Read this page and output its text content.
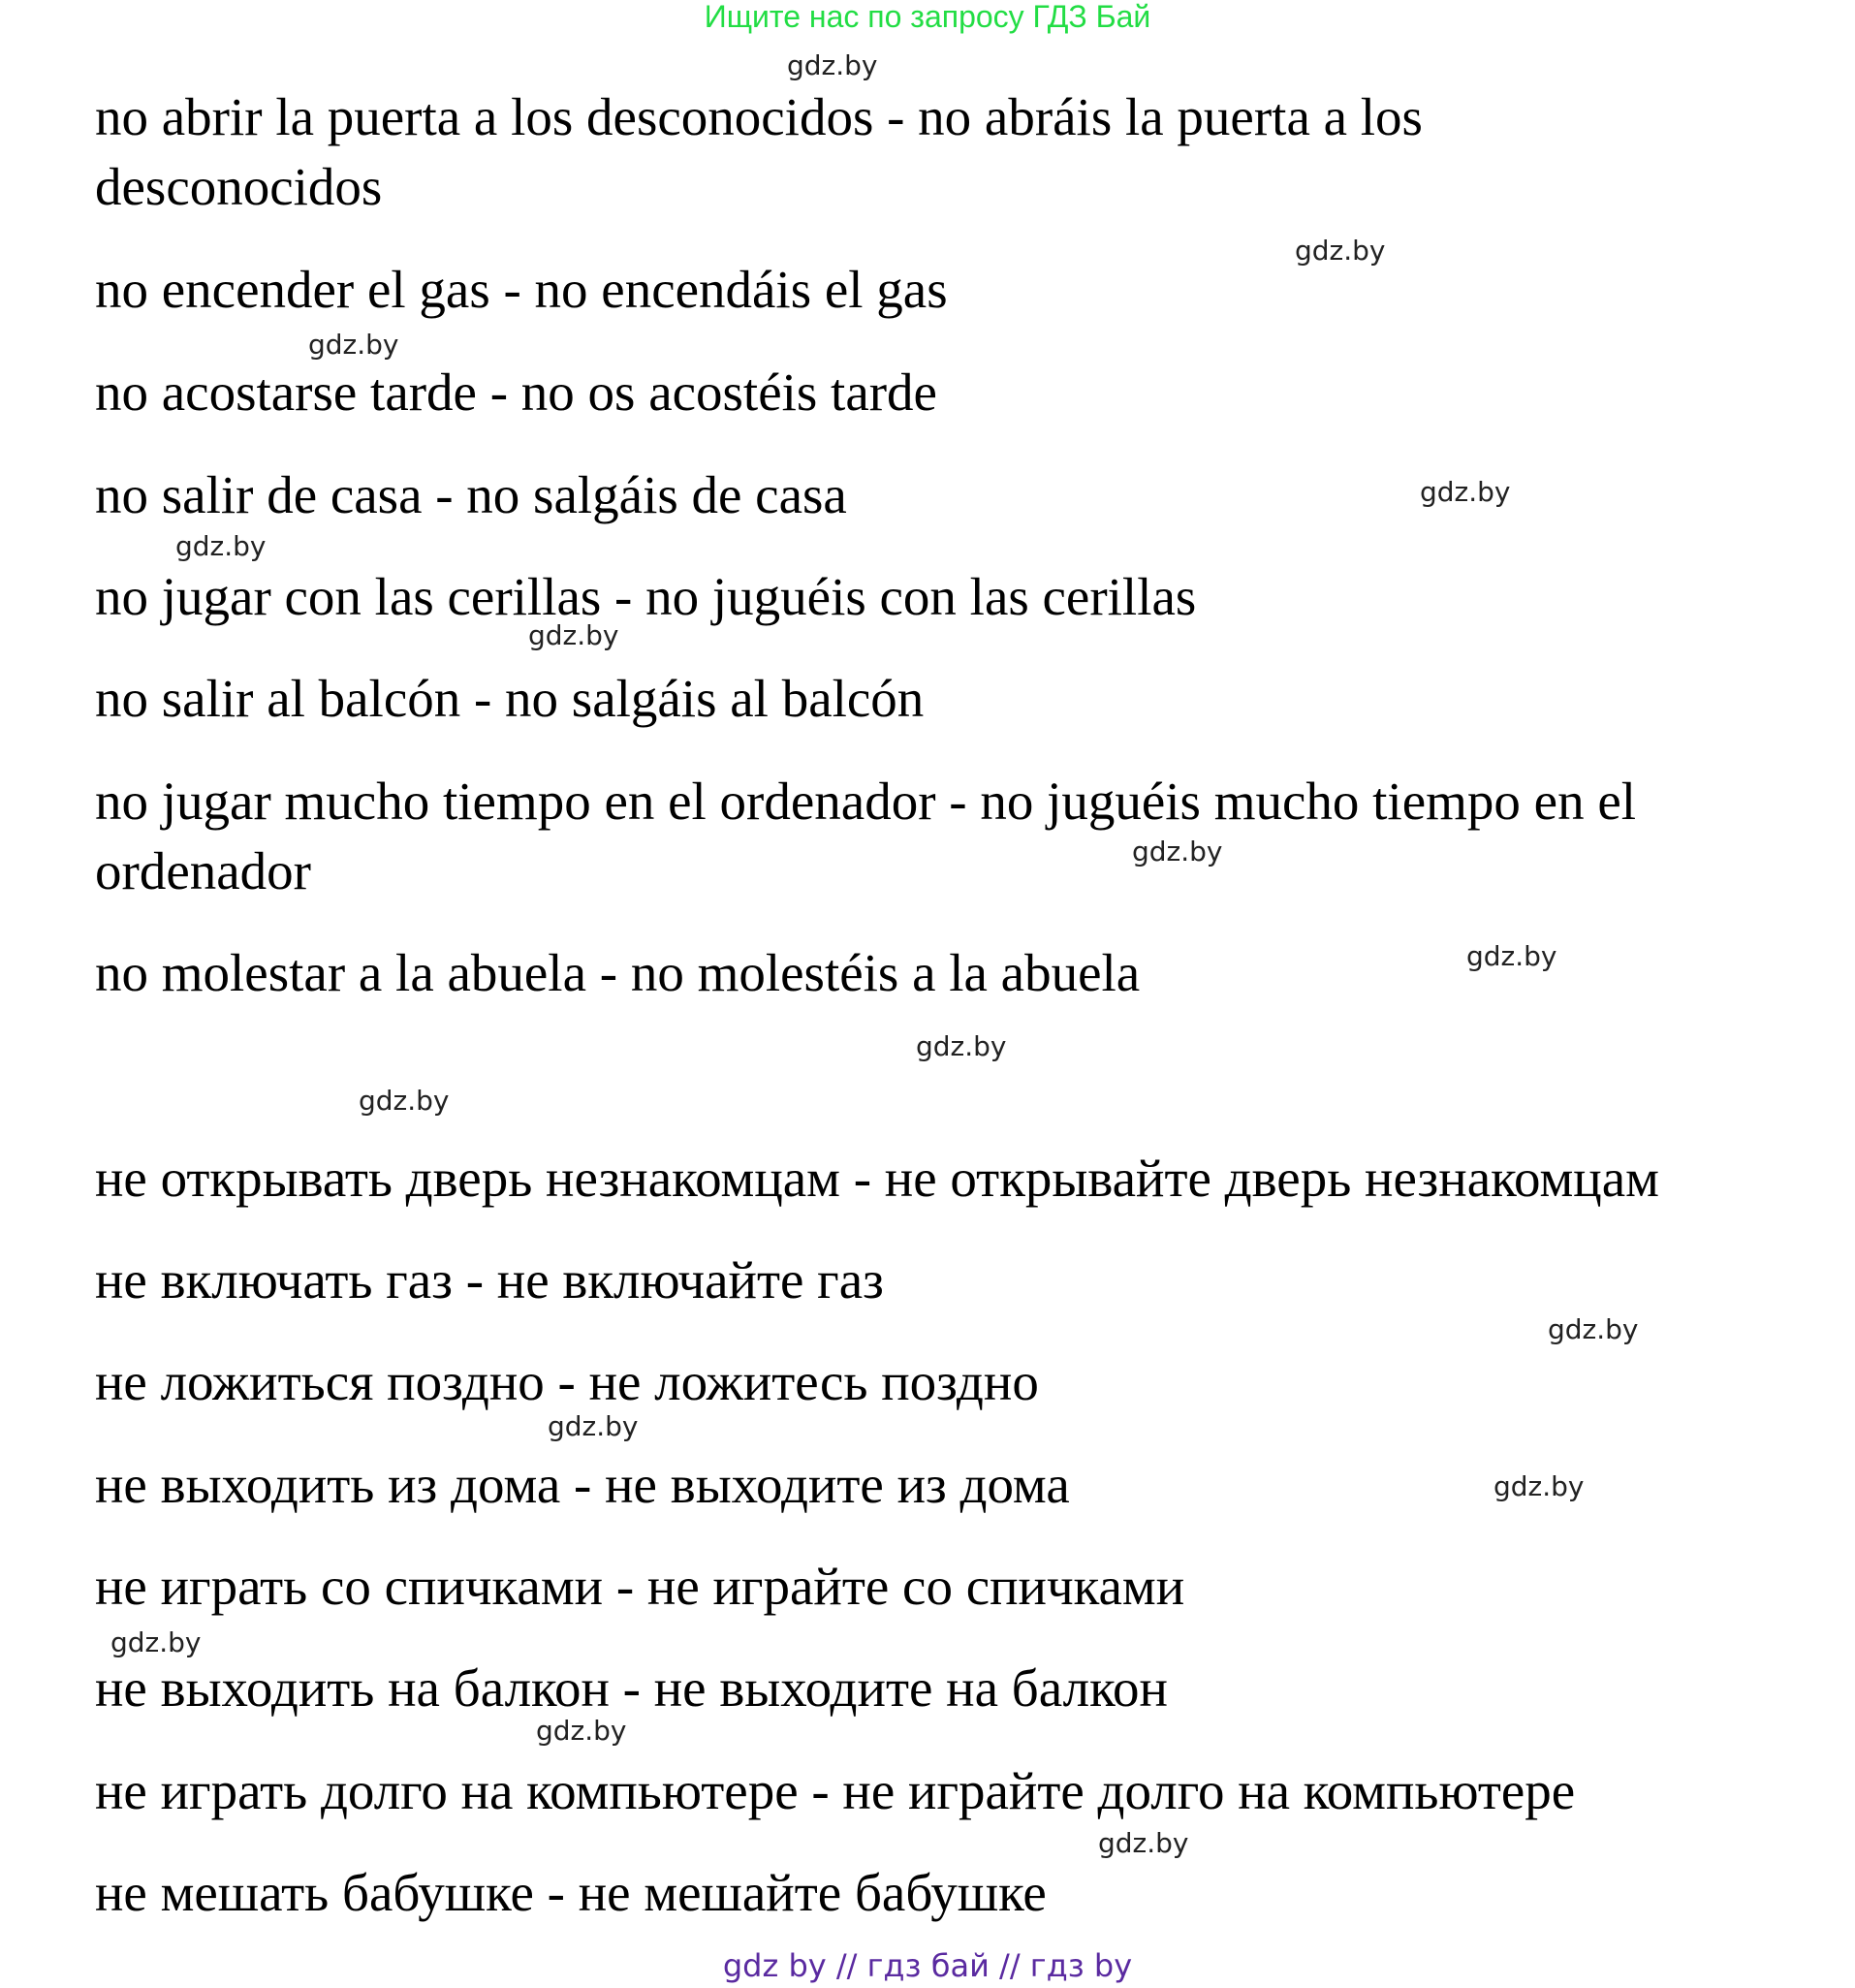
Ищите нас по запросу ГДЗ Бай
no abrir la puerta a los desconocidos - no abráis la puerta a los
desconocidos
no encender el gas - no encendáis el gas
no acostarse tarde - no os acostéis tarde
no salir de casa - no salgáis de casa
no jugar con las cerillas - no juguéis con las cerillas
no salir al balcón - no salgáis al balcón
no jugar mucho tiempo en el ordenador - no juguéis mucho tiempo en el
ordenador
no molestar a la abuela - no molestéis a la abuela
не открывать дверь незнакомцам - не открывайте дверь незнакомцам
не включать газ - не включайте газ
не ложиться поздно - не ложитесь поздно
не выходить из дома - не выходите из дома
не играть со спичками - не играйте со спичками
не выходить на балкон - не выходите на балкон
не играть долго на компьютере - не играйте долго на компьютере
не мешать бабушке - не мешайте бабушке
gdz.by
gdz.by
gdz.by
gdz.by
gdz.by
gdz.by
gdz.by
gdz.by
gdz.by
gdz.by
gdz.by
gdz.by
gdz.by
gdz.by
gdz.by
gdz.by
gdz by // гдз бай // гдз by
